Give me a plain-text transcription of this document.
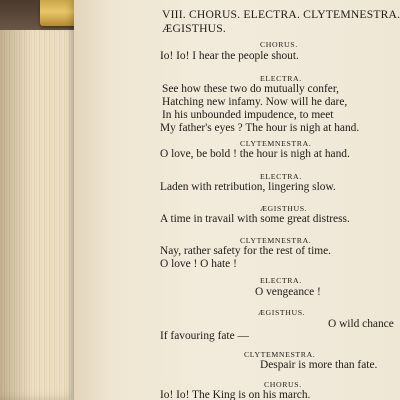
VIII. CHORUS. ELECTRA. CLYTEMNESTRA.
ÆGISTHUS.
CHORUS.
Io! Io! I hear the people shout.
ELECTRA.
See how these two do mutually confer,
Hatching new infamy. Now will he dare,
In his unbounded impudence, to meet
My father's eyes ? The hour is nigh at hand.
CLYTEMNESTRA.
O love, be bold ! the hour is nigh at hand.
ELECTRA.
Laden with retribution, lingering slow.
ÆGISTHUS.
A time in travail with some great distress.
CLYTEMNESTRA.
Nay, rather safety for the rest of time.
O love ! O hate !
ELECTRA.
O vengeance !
ÆGISTHUS.
O wild chance
If favouring fate —
CLYTEMNESTRA.
Despair is more than fate.
CHORUS.
Io! Io! The King is on his march.
